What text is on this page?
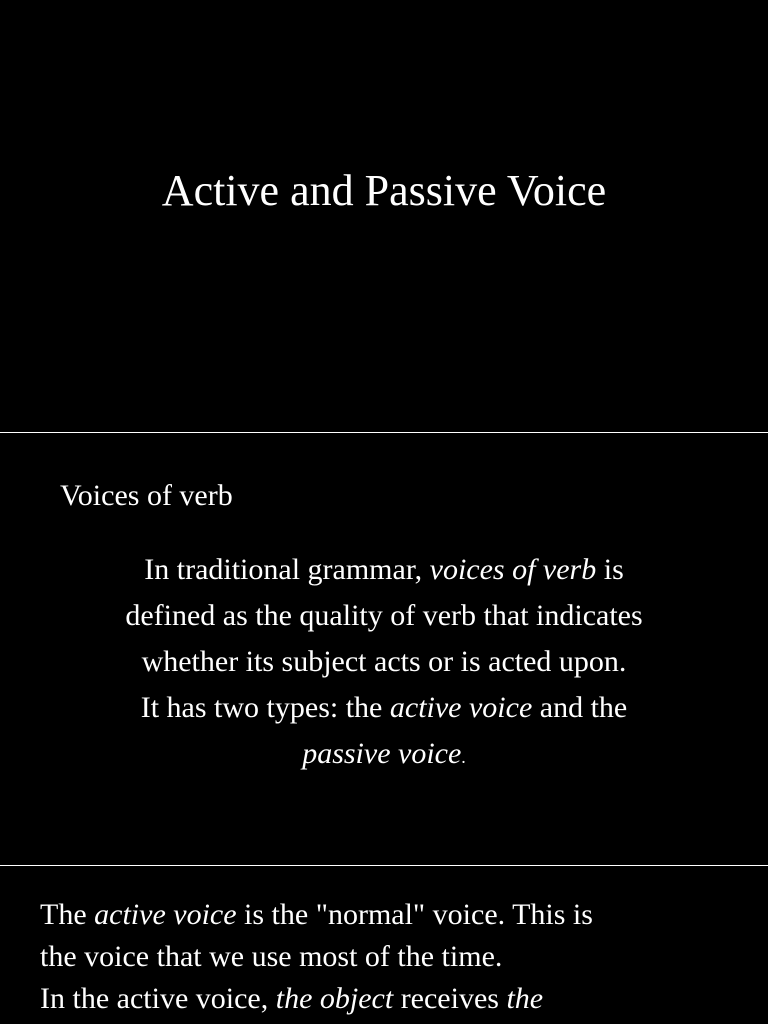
Active and Passive Voice
Voices of verb
In traditional grammar, voices of verb is
defined as the quality of verb that indicates
whether its subject acts or is acted upon.
It has two types: the active voice and the
passive voice.
The active voice is the "normal" voice. This is
the voice that we use most of the time.
In the active voice, the object receives the
